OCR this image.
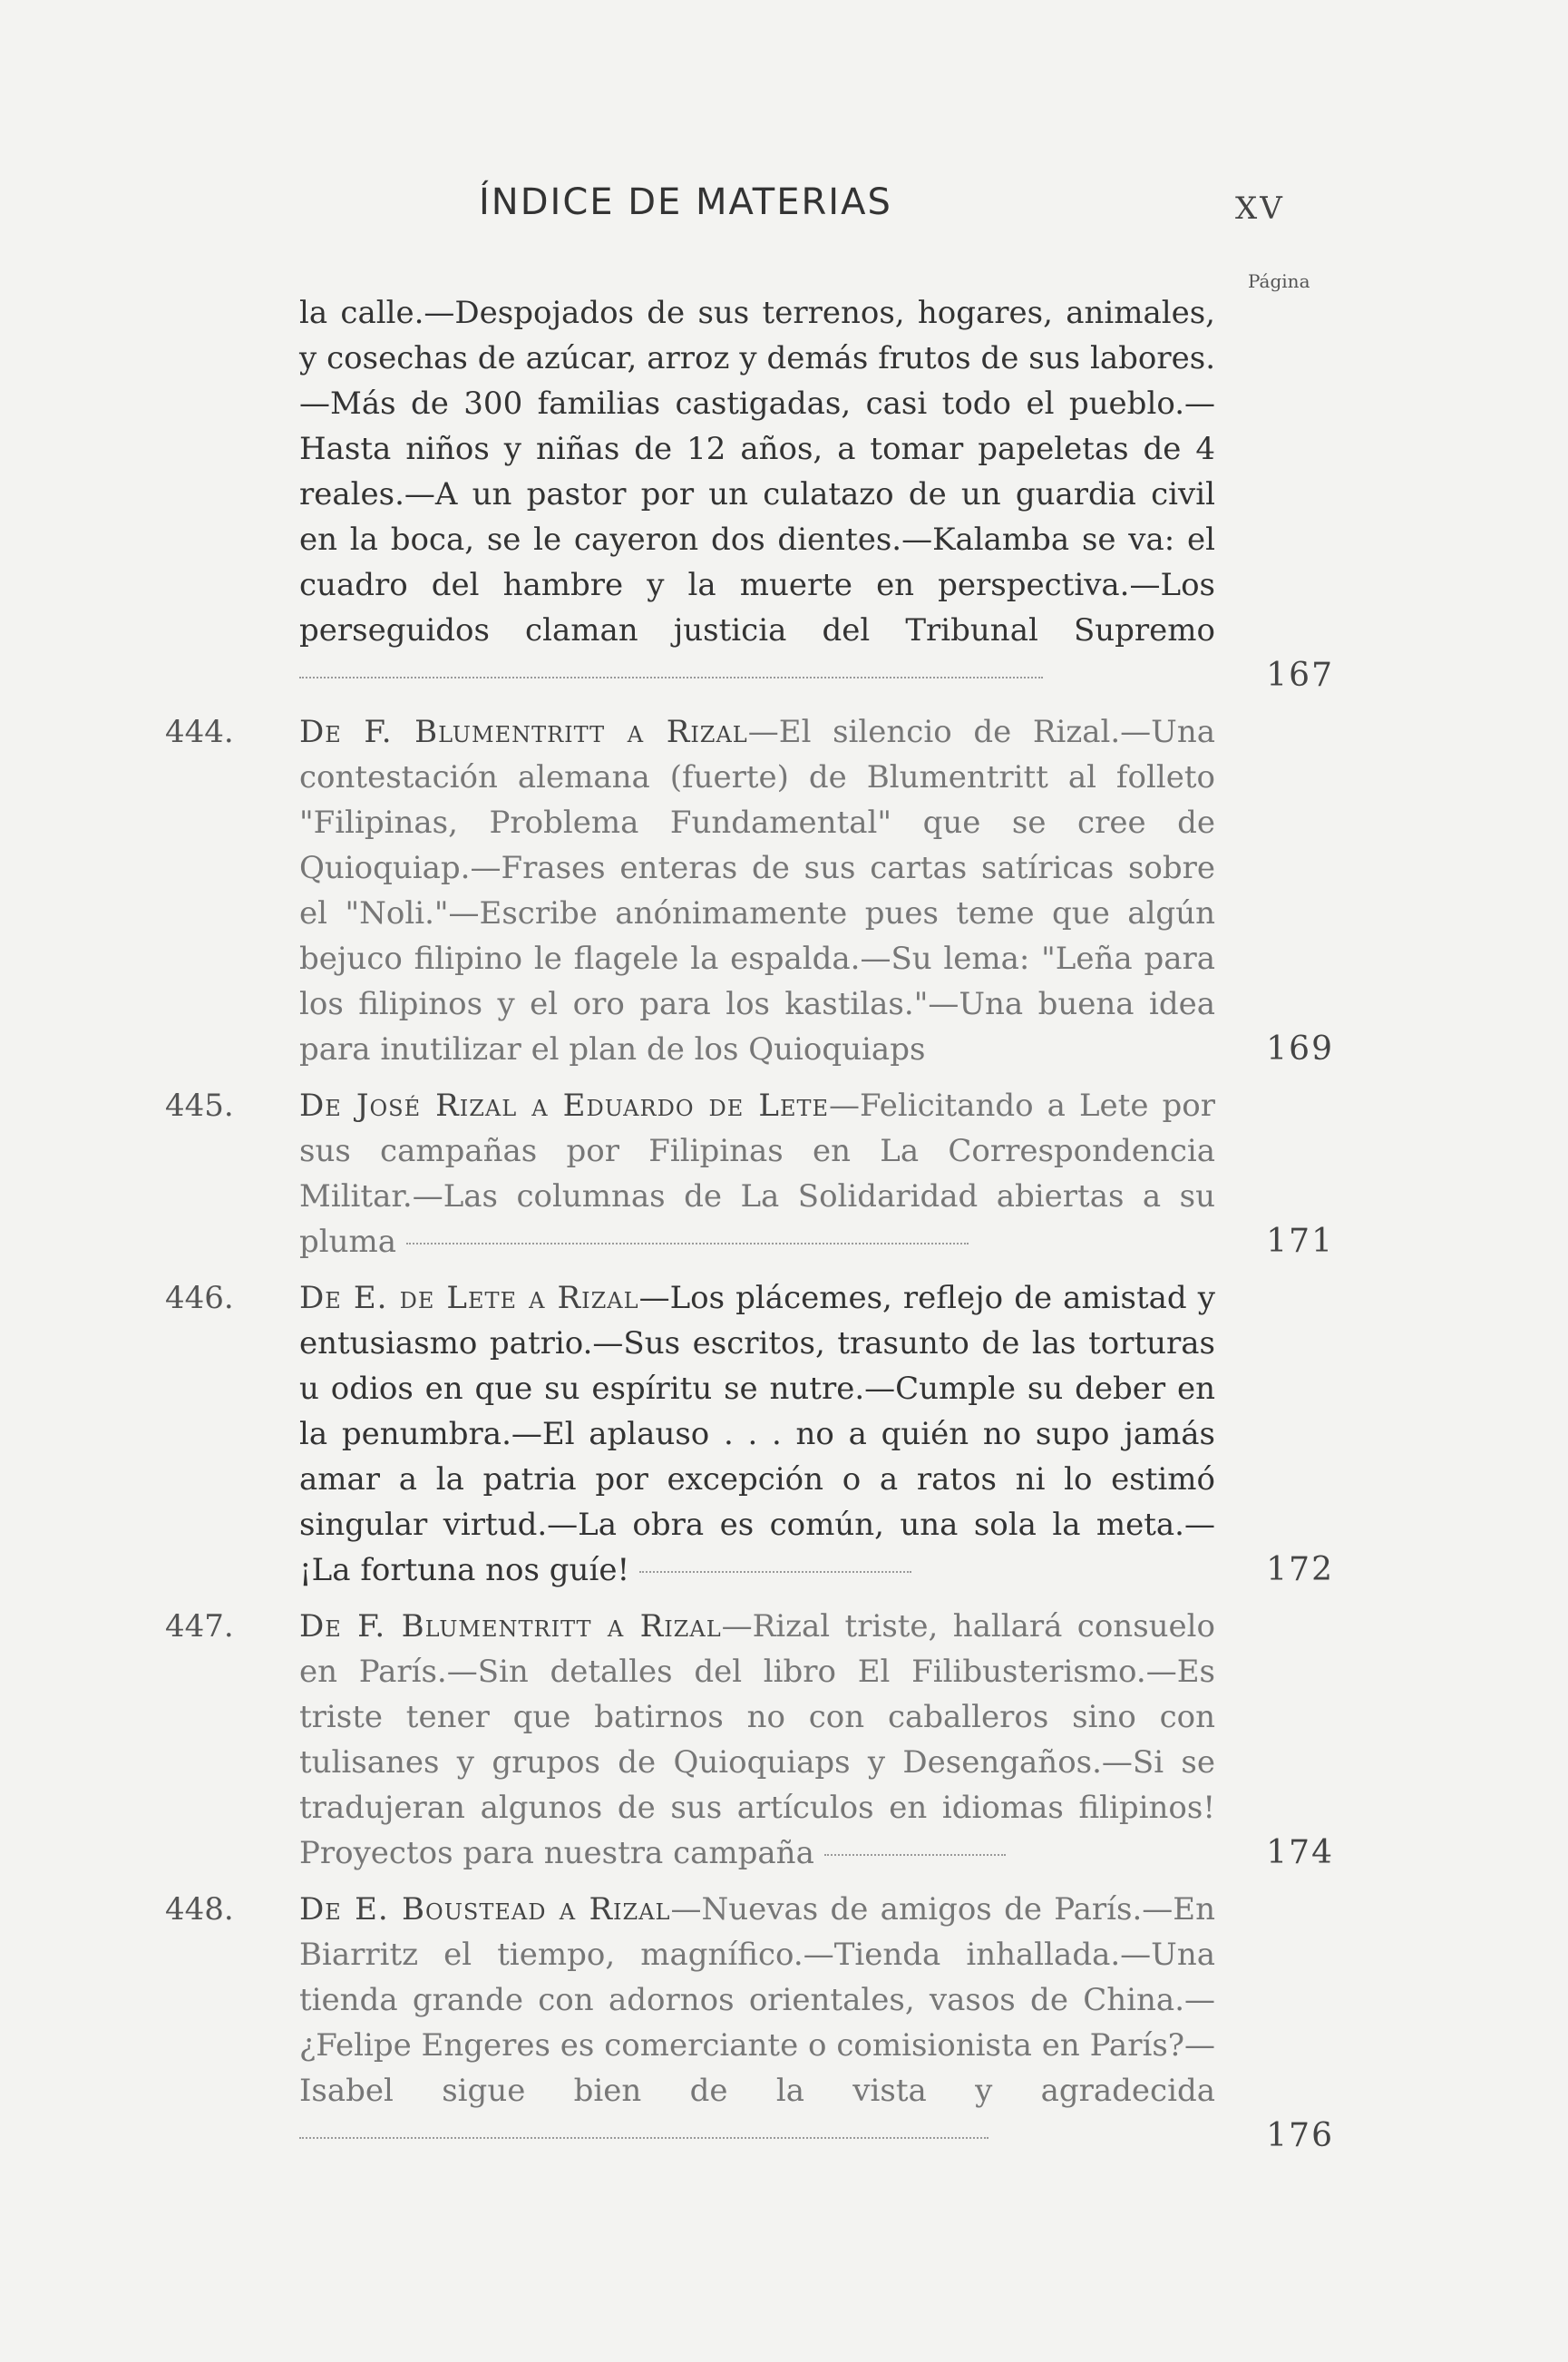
ÍNDICE DE MATERIAS	XV
Página
la calle.—Despojados de sus terrenos, hogares, animales, y cosechas de azúcar, arroz y demás frutos de sus labores.—Más de 300 familias castigadas, casi todo el pueblo.—Hasta niños y niñas de 12 años, a tomar papeletas de 4 reales.—A un pastor por un culatazo de un guardia civil en la boca, se le cayeron dos dientes.—Kalamba se va: el cuadro del hambre y la muerte en perspectiva.—Los perseguidos claman justicia del Tribunal Supremo
167
444.	De F. Blumentritt a Rizal—El silencio de Rizal.—Una contestación alemana (fuerte) de Blumentritt al folleto "Filipinas, Problema Fundamental" que se cree de Quioquiap.—Frases enteras de sus cartas satíricas sobre el "Noli."—Escribe anónimamente pues teme que algún bejuco filipino le flagele la espalda.—Su lema: "Leña para los filipinos y el oro para los kastilas."—Una buena idea para inutilizar el plan de los Quioquiaps	169
445.	De José Rizal a Eduardo de Lete—Felicitando a Lete por sus campañas por Filipinas en La Correspondencia Militar.—Las columnas de La Solidaridad abiertas a su pluma	171
446.	De E. de Lete a Rizal—Los plácemes, reflejo de amistad y entusiasmo patrio.—Sus escritos, trasunto de las torturas u odios en que su espíritu se nutre.—Cumple su deber en la penumbra.—El aplauso . . . no a quién no supo jamás amar a la patria por excepción o a ratos ni lo estimó singular virtud.—La obra es común, una sola la meta.—¡La fortuna nos guíe!	172
447.	De F. Blumentritt a Rizal—Rizal triste, hallará consuelo en París.—Sin detalles del libro El Filibusterismo.—Es triste tener que batirnos no con caballeros sino con tulisanes y grupos de Quioquiaps y Desengaños.—Si se tradujeran algunos de sus artículos en idiomas filipinos! Proyectos para nuestra campaña	174
448.	De E. Boustead a Rizal—Nuevas de amigos de París.—En Biarritz el tiempo, magnífico.—Tienda inhallada.—Una tienda grande con adornos orientales, vasos de China.—¿Felipe Engeres es comerciante o comisionista en París?—Isabel sigue bien de la vista y agradecida
176
